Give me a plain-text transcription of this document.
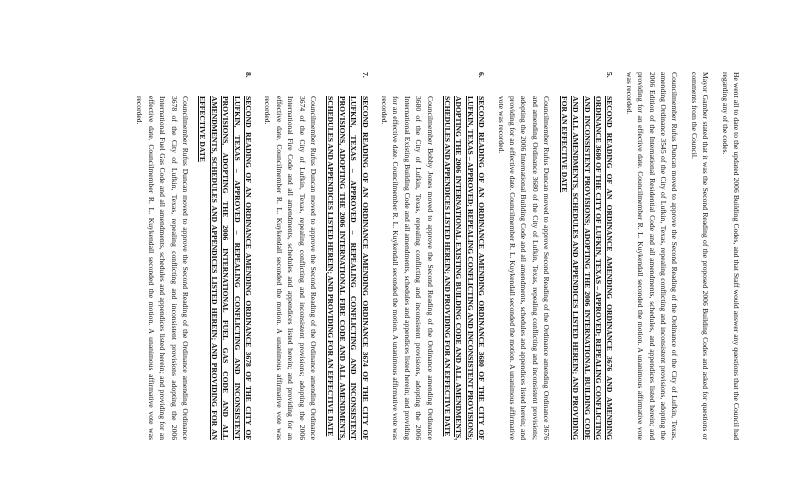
He went all to date to the updated 2006 Building Codes, and that Staff would answer any questions that the Council had regarding any of the codes.

Mayor Gamber stated that it was the Second Reading of the proposed 2006 Building Codes and asked for questions or comments from the Council.

Councilmember Rufus Duncan moved to approve the Second Reading of the Ordinance of the City of Lufkin, Texas, amending Ordinance 3545 of the City of Lufkin, Texas, repealing conflicting and inconsistent provisions, adopting the 2006 Edition of the International Residential Code and all amendments, schedules, and appendices listed herein; and providing for an effective date. Councilmember R. L. Kuykendall seconded the motion. A unanimous affirmative vote was recorded.

5.

SECOND READING OF AN ORDINANCE AMENDING ORDINANCE 3676 AND AMENDING ORDINANCE 3680 OF THE CITY OF LUFKIN, TEXAS – APPROVED; REPEALING CONFLICTING AND INCONSISTENT PROVISIONS; ADOPTING THE 2006 INTERNATIONAL BUILDING CODE AND ALL AMENDMENTS, SCHEDULES AND APPENDICES LISTED HEREIN; AND PROVIDING FOR AN EFFECTIVE DATE

Councilmember Rufus Duncan moved to approve Second Reading of the Ordinance amending Ordinance 3676 and amending Ordinance 3680 of the City of Lufkin, Texas, repealing conflicting and inconsistent provisions; adopting the 2006 International Building Code and all amendments, schedules and appendices listed herein; and providing for an effective date. Councilmember R. L. Kuykendall seconded the motion. A unanimous affirmative vote was recorded.

6.

SECOND READING OF AN ORDINANCE AMENDING ORDINANCE 3680 OF THE CITY OF LUFKIN, TEXAS – APPROVED; REPEALING CONFLICTING AND INCONSISTENT PROVISIONS; ADOPTING THE 2006 INTERNATIONAL EXISTING BUILDING CODE AND ALL AMENDMENTS, SCHEDULES AND APPENDICES LISTED HEREIN; AND PROVIDING FOR AN EFFECTIVE DATE

Councilmember Bobby Jones moved to approve the Second Reading of the Ordinance amending Ordinance 3680 of the City of Lufkin, Texas, repealing conflicting and inconsistent provisions, adopting the 2006 International Existing Building Code and all amendments, schedules and appendices listed herein; and providing for an effective date. Councilmember R. L. Kuykendall seconded the motion. A unanimous affirmative vote was recorded.

7.

SECOND READING OF AN ORDINANCE AMENDING ORDINANCE 3674 OF THE CITY OF LUFKIN, TEXAS – APPROVED – REPEALING CONFLICTING AND INCONSISTENT PROVISIONS, ADOPTING THE 2006 INTERNATIONAL FIRE CODE AND ALL AMENDMENTS, SCHEDULES AND APPENDICES LISTED HEREIN; AND PROVIDING FOR AN EFFECTIVE DATE

Councilmember Rufus Duncan moved to approve the Second Reading of the Ordinance amending Ordinance 3674 of the City of Lufkin, Texas, repealing conflicting and inconsistent provisions; adopting the 2006 International Fire Code and all amendments, schedules and appendices listed herein; and providing for an effective date. Councilmember R. L. Kuykendall seconded the motion. A unanimous affirmative vote was recorded.

8.

SECOND READING OF AN ORDINANCE AMENDING ORDINANCE 3678 OF THE CITY OF LUFKIN, TEXAS – APPROVED – REPEALING CONFLICTING AND INCONSISTENT PROVISIONS, ADOPTING THE 2006 INTERNATIONAL FUEL GAS CODE AND ALL AMENDMENTS, SCHEDULES AND APPENDICES LISTED HEREIN; AND PROVIDING FOR AN EFFECTIVE DATE

Councilmember Rufus Duncan moved to approve the Second Reading of the Ordinance amending Ordinance 3678 of the City of Lufkin, Texas, repealing conflicting and inconsistent provisions adopting the 2006 International Fuel Gas Code and all amendments, schedules and appendices listed herein; and providing for an effective date. Councilmember R. L. Kuykendall seconded the motion. A unanimous affirmative vote was recorded.
